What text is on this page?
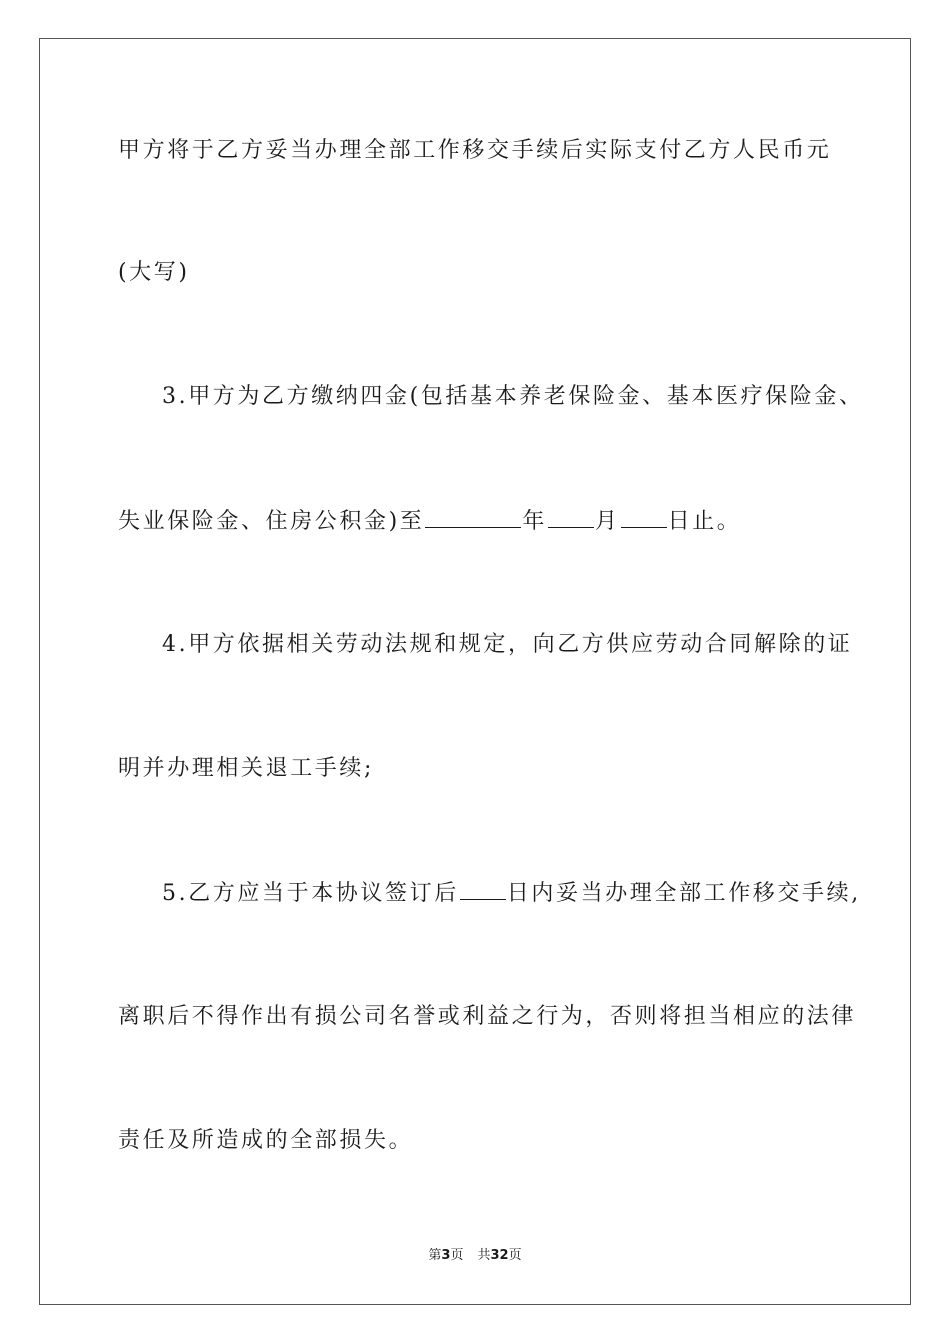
甲方将于乙方妥当办理全部工作移交手续后实际支付乙方人民币元
(大写)
3.甲方为乙方缴纳四金(包括基本养老保险金、基本医疗保险金、
失业保险金、住房公积金)至	年 月 日止。
4.甲方依据相关劳动法规和规定，向乙方供应劳动合同解除的证
明并办理相关退工手续;
5.乙方应当于本协议签订后 日内妥当办理全部工作移交手续,
离职后不得作出有损公司名誉或利益之行为，否则将担当相应的法律
责任及所造成的全部损失。
第3页 共32页
